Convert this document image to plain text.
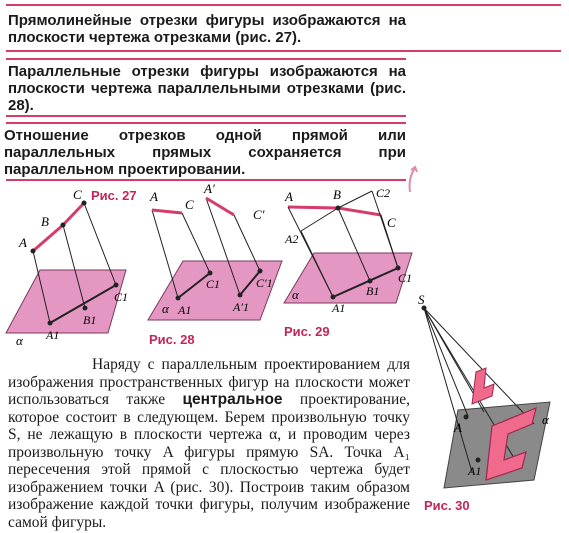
Прямолинейные отрезки фигуры изображаются на плоскости чертежа отрезками (рис. 27).
Параллельные отрезки фигуры изображаются на плоскости чертежа параллельными отрезками (рис. 28).
Отношение отрезков одной прямой или параллельных прямых сохраняется при параллельном проектировании.
A
B
C
A1
B1
C1
α
A
C
A′
C′
A1
C1
A′1
C′1
α
A	B
C
C2
A2
A1
B1
C1
α
Рис. 27
Рис. 28
Рис. 29
Рис. 30
S
A
A1
α

Наряду с параллельным проектированием для изображения пространственных фигур на плоскости может использоваться также центральное проектирование, которое состоит в следующем. Берем произвольную точку S, не лежащую в плоскости чертежа α, и проводим через произвольную точку A фигуры прямую SA. Точка A₁ пересечения этой прямой с плоскостью чертежа будет изображением точки A (рис. 30). Построив таким образом изображение каждой точки фигуры, получим изображение самой фигуры.
